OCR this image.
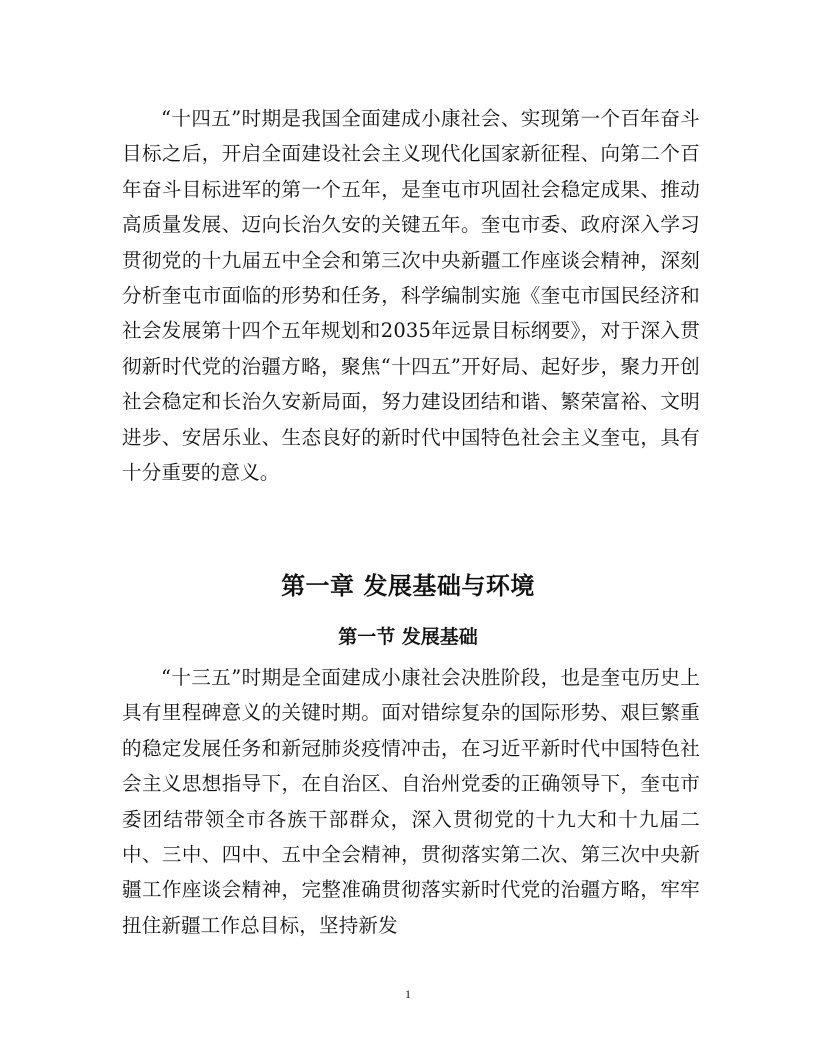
“十四五”时期是我国全面建成小康社会、实现第一个百年奋斗目标之后，开启全面建设社会主义现代化国家新征程、向第二个百年奋斗目标进军的第一个五年，是奎屯市巩固社会稳定成果、推动高质量发展、迈向长治久安的关键五年。奎屯市委、政府深入学习贯彻党的十九届五中全会和第三次中央新疆工作座谈会精神，深刻分析奎屯市面临的形势和任务，科学编制实施《奎屯市国民经济和社会发展第十四个五年规划和2035年远景目标纲要》，对于深入贯彻新时代党的治疆方略，聚焦“十四五”开好局、起好步，聚力开创社会稳定和长治久安新局面，努力建设团结和谐、繁荣富裕、文明进步、安居乐业、生态良好的新时代中国特色社会主义奎屯，具有十分重要的意义。

第一章 发展基础与环境
第一节 发展基础

“十三五”时期是全面建成小康社会决胜阶段，也是奎屯历史上具有里程碑意义的关键时期。面对错综复杂的国际形势、艰巨繁重的稳定发展任务和新冠肺炎疫情冲击，在习近平新时代中国特色社会主义思想指导下，在自治区、自治州党委的正确领导下，奎屯市委团结带领全市各族干部群众，深入贯彻党的十九大和十九届二中、三中、四中、五中全会精神，贯彻落实第二次、第三次中央新疆工作座谈会精神，完整准确贯彻落实新时代党的治疆方略，牢牢扭住新疆工作总目标，坚持新发

1
